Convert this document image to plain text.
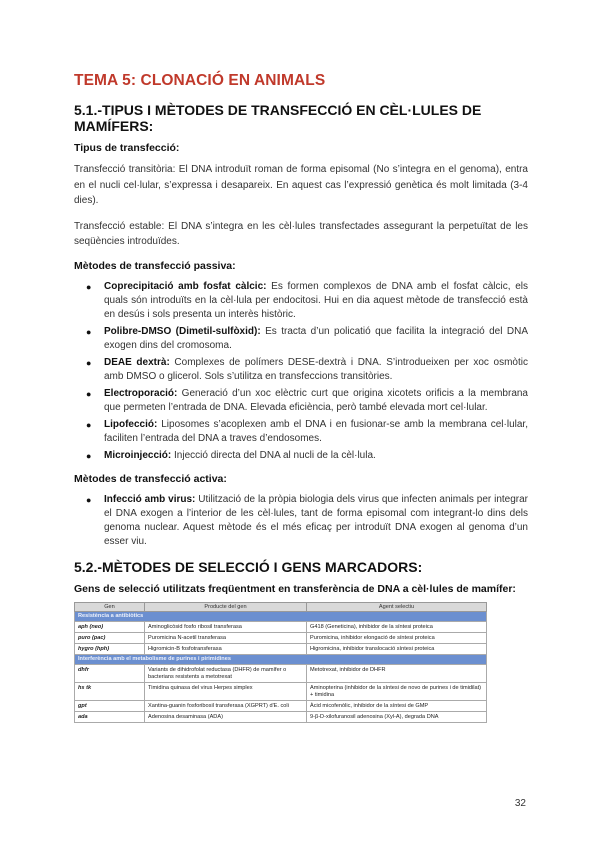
TEMA 5: CLONACIÓ EN ANIMALS
5.1.-TIPUS I MÈTODES DE TRANSFECCIÓ EN CÈL·LULES DE MAMÍFERS:
Tipus de transfecció:

Transfecció transitòria: El DNA introduït roman de forma episomal (No s’integra en el genoma), entra en el nucli cel·lular, s’expressa i desapareix. En aquest cas l’expressió genètica és molt limitada (3-4 dies).

Transfecció estable: El DNA s’integra en les cèl·lules transfectades assegurant la perpetuïtat de les seqüències introduïdes.

Mètodes de transfecció passiva:
● Coprecipitació amb fosfat càlcic: Es formen complexos de DNA amb el fosfat càlcic, els quals són introduïts en la cèl·lula per endocitosi. Hui en dia aquest mètode de transfecció està en desús i sols presenta un interès històric.
● Polibre-DMSO (Dimetil-sulfòxid): Es tracta d’un policatió que facilita la integració del DNA exogen dins del cromosoma.
● DEAE dextrà: Complexes de polímers DESE-dextrà i DNA. S’introdueixen per xoc osmòtic amb DMSO o glicerol. Sols s’utilitza en transfeccions transitòries.
● Electroporació: Generació d’un xoc elèctric curt que origina xicotets orificis a la membrana que permeten l’entrada de DNA. Elevada eficiència, però també elevada mort cel·lular.
● Lipofecció: Liposomes s’acoplexen amb el DNA i en fusionar-se amb la membrana cel·lular, faciliten l’entrada del DNA a traves d’endosomes.
● Microinjecció: Injecció directa del DNA al nucli de la cèl·lula.
Mètodes de transfecció activa:
● Infecció amb virus: Utilització de la pròpia biologia dels virus que infecten animals per integrar el DNA exogen a l’interior de les cèl·lules, tant de forma episomal com integrant-lo dins dels genoma nuclear. Aquest mètode és el més eficaç per introduït DNA exogen al genoma d’un esser viu.
5.2.-MÈTODES DE SELECCIÓ I GENS MARCADORS:
Gens de selecció utilitzats freqüentment en transferència de DNA a cèl·lules de mamífer:
Gen	Producte del gen	Agent selectiu
Resistència a antibiòtics		
aph (neo)	Aminoglicòsid fosfo ribosil transferasa	G418 (Geneticina), inhibidor de la síntesi proteica
puro (pac)	Puromicina N-acetil transferasa	Puromicina, inhibidor elongació de síntesi proteica
hygro (hph)	Higromicin-B fosfotransferasa	Higromicina, inhibidor translocació síntesi proteica
Interferència amb el metabolisme de purines i pirimidines		
dhfr	Variants de dihidrofolat reductasa (DHFR) de mamífer o bacterians resistents a metotrexat	Metotrexat, inhibidor de DHFR
hs tk	Timidina quinasa del virus Herpes simplex	Aminopterina (inhibidor de la síntesi de novo de purines i de timidilat) + timidina
gpt	Xantina-guanin fosforibosil transferasa (XGPRT) d'E. coli	Àcid micofenòlic, inhibidor de la síntesi de GMP
ada	Adenosina desaminasa (ADA)	9-β-D-xilofuranosil adenosina (Xyl-A), degrada DNA
32
